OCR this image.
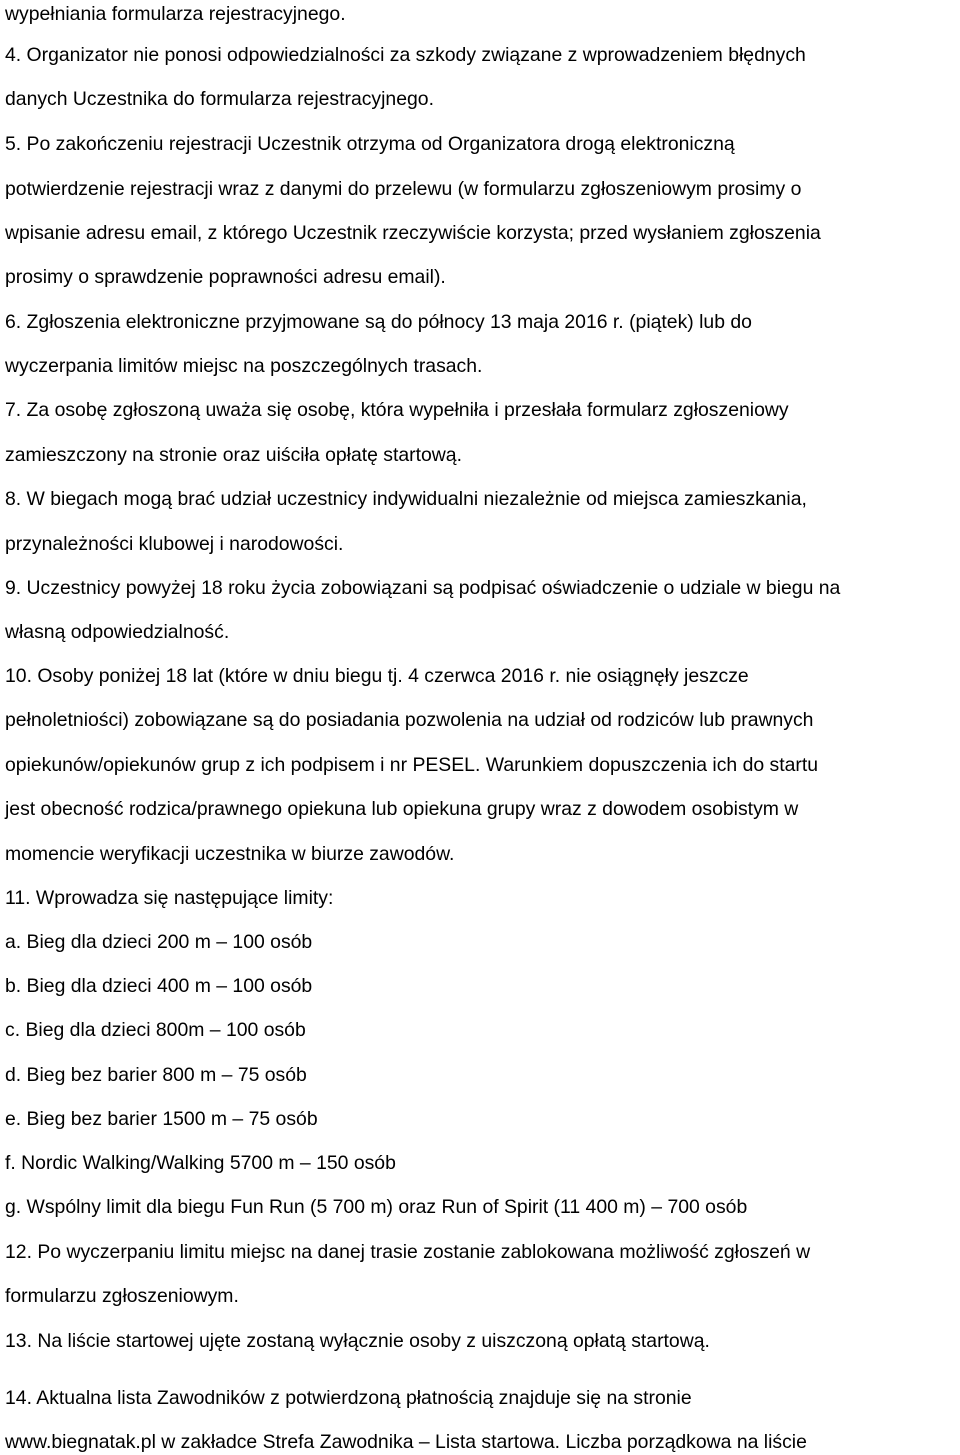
wypełniania formularza rejestracyjnego.
4. Organizator nie ponosi odpowiedzialności za szkody związane z wprowadzeniem błędnych
danych Uczestnika do formularza rejestracyjnego.
5. Po zakończeniu rejestracji Uczestnik otrzyma od Organizatora drogą elektroniczną
potwierdzenie rejestracji wraz z danymi do przelewu (w formularzu zgłoszeniowym prosimy o
wpisanie adresu email, z którego Uczestnik rzeczywiście korzysta; przed wysłaniem zgłoszenia
prosimy o sprawdzenie poprawności adresu email).
6. Zgłoszenia elektroniczne przyjmowane są do północy 13 maja 2016 r. (piątek) lub do
wyczerpania limitów miejsc na poszczególnych trasach.
7. Za osobę zgłoszoną uważa się osobę, która wypełniła i przesłała formularz zgłoszeniowy
zamieszczony na stronie oraz uiściła opłatę startową.
8. W biegach mogą brać udział uczestnicy indywidualni niezależnie od miejsca zamieszkania,
przynależności klubowej i narodowości.
9. Uczestnicy powyżej 18 roku życia zobowiązani są podpisać oświadczenie o udziale w biegu na
własną odpowiedzialność.
10. Osoby poniżej 18 lat (które w dniu biegu tj. 4 czerwca 2016 r. nie osiągnęły jeszcze
pełnoletniości) zobowiązane są do posiadania pozwolenia na udział od rodziców lub prawnych
opiekunów/opiekunów grup z ich podpisem i nr PESEL. Warunkiem dopuszczenia ich do startu
jest obecność rodzica/prawnego opiekuna lub opiekuna grupy wraz z dowodem osobistym w
momencie weryfikacji uczestnika w biurze zawodów.
11. Wprowadza się następujące limity:
a. Bieg dla dzieci 200 m – 100 osób
b. Bieg dla dzieci 400 m – 100 osób
c. Bieg dla dzieci 800m – 100 osób
d. Bieg bez barier 800 m – 75 osób
e. Bieg bez barier 1500 m – 75 osób
f. Nordic Walking/Walking 5700 m – 150 osób
g. Wspólny limit dla biegu Fun Run (5 700 m) oraz Run of Spirit (11 400 m) – 700 osób
12. Po wyczerpaniu limitu miejsc na danej trasie zostanie zablokowana możliwość zgłoszeń w
formularzu zgłoszeniowym.
13. Na liście startowej ujęte zostaną wyłącznie osoby z uiszczoną opłatą startową.
14. Aktualna lista Zawodników z potwierdzoną płatnością znajduje się na stronie
www.biegnatak.pl w zakładce Strefa Zawodnika – Lista startowa. Liczba porządkowa na liście
